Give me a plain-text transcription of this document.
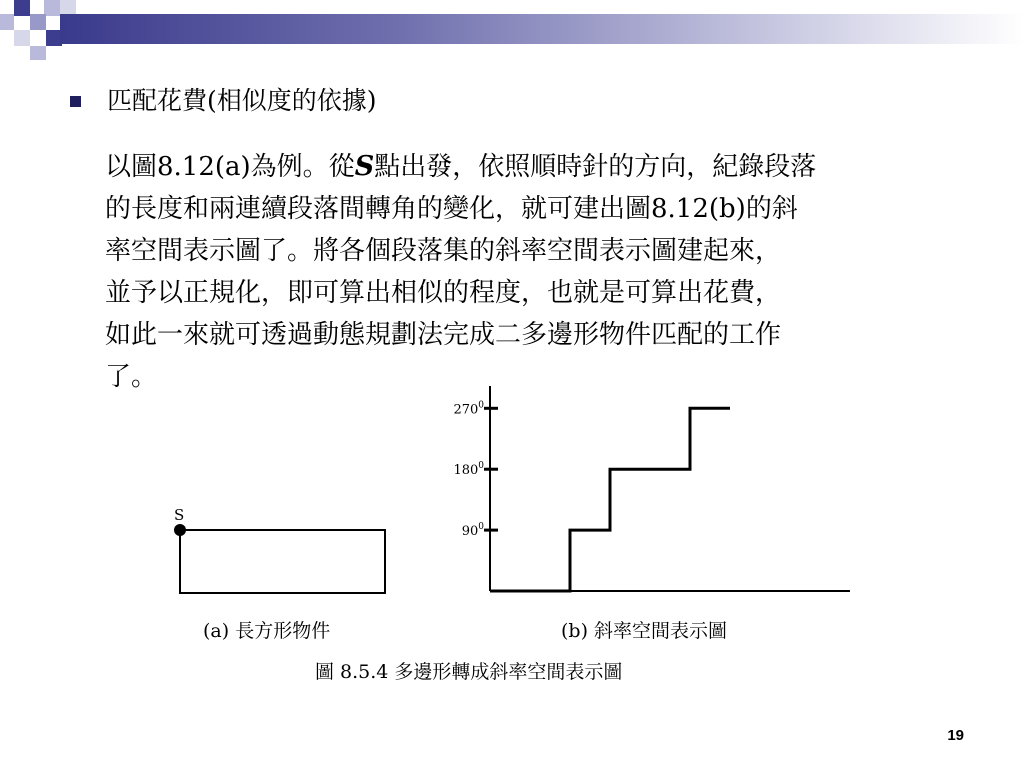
匹配花費(相似度的依據)
以圖8.12(a)為例。從S點出發，依照順時針的方向，紀錄段落
的長度和兩連續段落間轉角的變化，就可建出圖8.12(b)的斜
率空間表示圖了。將各個段落集的斜率空間表示圖建起來，
並予以正規化，即可算出相似的程度，也就是可算出花費，
如此一來就可透過動態規劃法完成二多邊形物件匹配的工作
了。
S
$90^0$
$180^0$
$270^0$
(a) 長方形物件	(b) 斜率空間表示圖
圖 8.5.4 多邊形轉成斜率空間表示圖
19
